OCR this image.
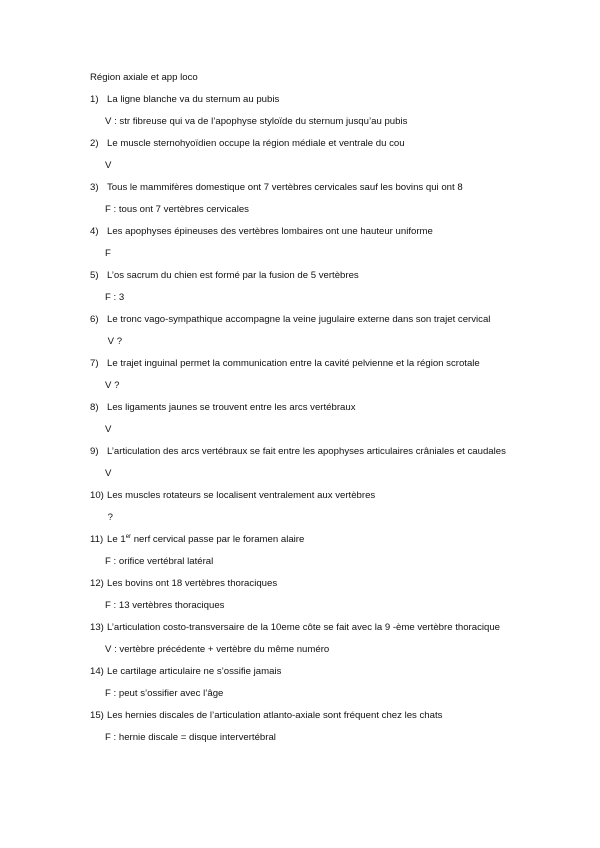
Région axiale et app loco
1) La ligne blanche va du sternum au pubis
V : str fibreuse qui va de l’apophyse styloïde du sternum jusqu’au pubis
2) Le muscle sternohyoïdien occupe la région médiale et ventrale du cou
V
3) Tous le mammifères domestique ont 7 vertèbres cervicales sauf les bovins qui ont 8
F : tous ont 7 vertèbres cervicales
4) Les apophyses épineuses des vertèbres lombaires ont une hauteur uniforme
F
5) L’os sacrum du chien est formé par la fusion de 5 vertèbres
F : 3
6) Le tronc vago-sympathique accompagne la veine jugulaire externe dans son trajet cervical
V ?
7) Le trajet inguinal permet la communication entre la cavité pelvienne et la région scrotale
V ?
8) Les ligaments jaunes se trouvent entre les arcs vertébraux
V
9) L’articulation des arcs vertébraux se fait entre les apophyses articulaires crâniales et caudales
V
10) Les muscles rotateurs se localisent ventralement aux vertèbres
?
11) Le 1er nerf cervical passe par le foramen alaire
F : orifice vertébral latéral
12) Les bovins ont 18 vertèbres thoraciques
F : 13 vertèbres thoraciques
13) L’articulation costo-transversaire de la 10eme côte se fait avec la 9 -ème vertèbre thoracique
V : vertèbre précédente + vertèbre du même numéro
14) Le cartilage articulaire ne s’ossifie jamais
F : peut s’ossifier avec l’âge
15) Les hernies discales de l’articulation atlanto-axiale sont fréquent chez les chats
F : hernie discale = disque intervertébral
